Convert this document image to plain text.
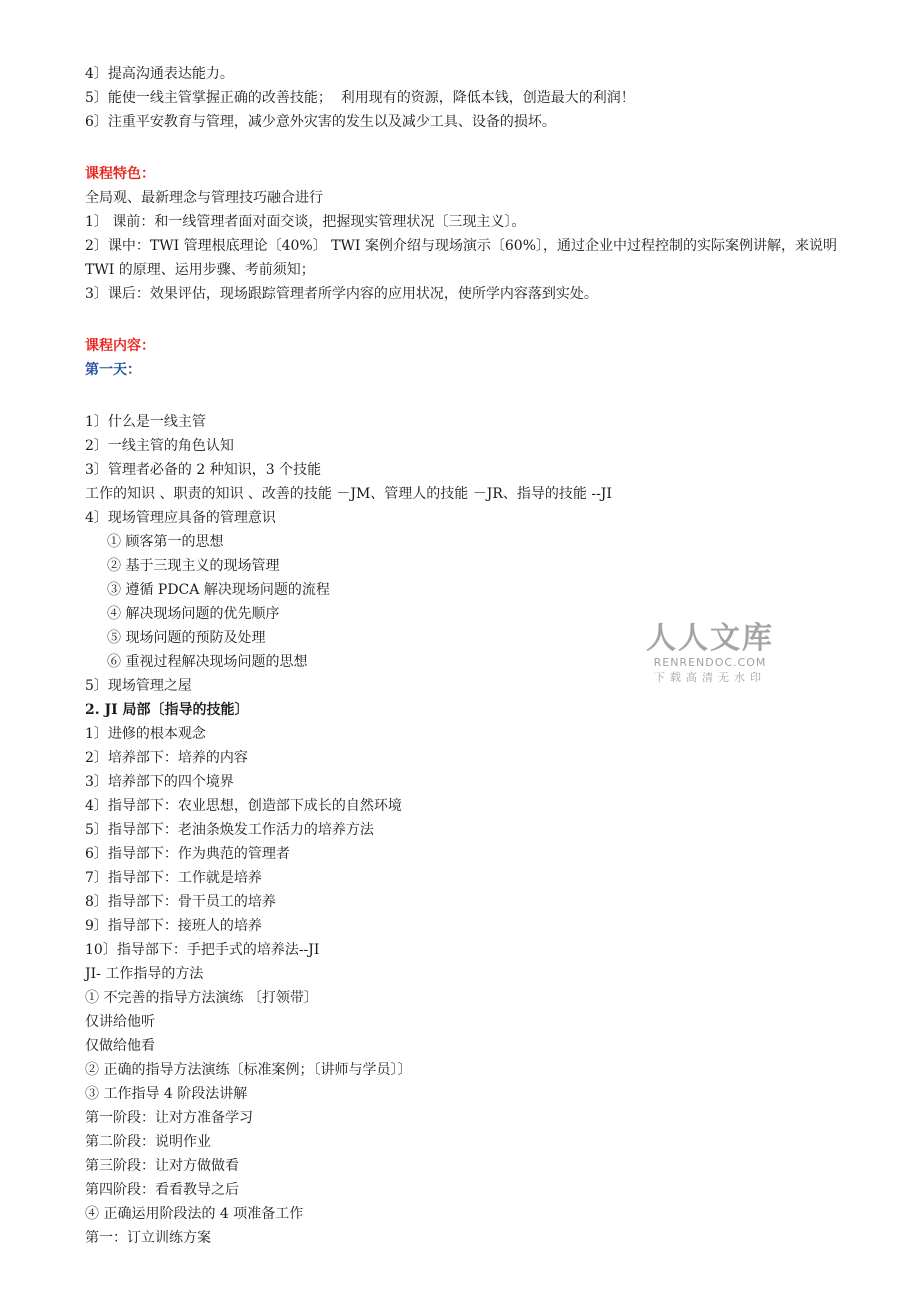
4〕提高沟通表达能力。

5〕能使一线主管掌握正确的改善技能；  利用现有的资源，降低本钱，创造最大的利润！

6〕注重平安教育与管理，减少意外灾害的发生以及减少工具、设备的损坏。

课程特色：

全局观、最新理念与管理技巧融合进行

1〕 课前：和一线管理者面对面交谈，把握现实管理状况〔三现主义〕。

2〕课中：TWI 管理根底理论〔40%〕 TWI 案例介绍与现场演示〔60%〕，通过企业中过程控制的实际案例讲解，来说明 TWI 的原理、运用步骤、考前须知；

3〕课后：效果评估，现场跟踪管理者所学内容的应用状况，使所学内容落到实处。

课程内容：

第一天：

1〕什么是一线主管

2〕一线主管的角色认知

3〕管理者必备的 2 种知识，3 个技能

工作的知识 、职责的知识 、改善的技能 －JM、管理人的技能 －JR、指导的技能 --JI

4〕现场管理应具备的管理意识

① 顾客第一的思想

② 基于三现主义的现场管理

③ 遵循 PDCA 解决现场问题的流程

④ 解决现场问题的优先顺序

⑤ 现场问题的预防及处理

⑥ 重视过程解决现场问题的思想

5〕现场管理之屋

2. JI 局部〔指导的技能〕

1〕进修的根本观念

2〕培养部下：培养的内容

3〕培养部下的四个境界

4〕指导部下：农业思想，创造部下成长的自然环境

5〕指导部下：老油条焕发工作活力的培养方法

6〕指导部下：作为典范的管理者

7〕指导部下：工作就是培养

8〕指导部下：骨干员工的培养

9〕指导部下：接班人的培养

10〕指导部下：手把手式的培养法--JI

JI- 工作指导的方法

① 不完善的指导方法演练 〔打领带〕

仅讲给他听

仅做给他看

② 正确的指导方法演练〔标准案例；〔讲师与学员〕〕

③ 工作指导 4 阶段法讲解

第一阶段：让对方准备学习

第二阶段：说明作业

第三阶段：让对方做做看

第四阶段：看看教导之后

④ 正确运用阶段法的 4 项准备工作

第一：订立训练方案

人人文库
RENRENDOC.COM
下载高清无水印
